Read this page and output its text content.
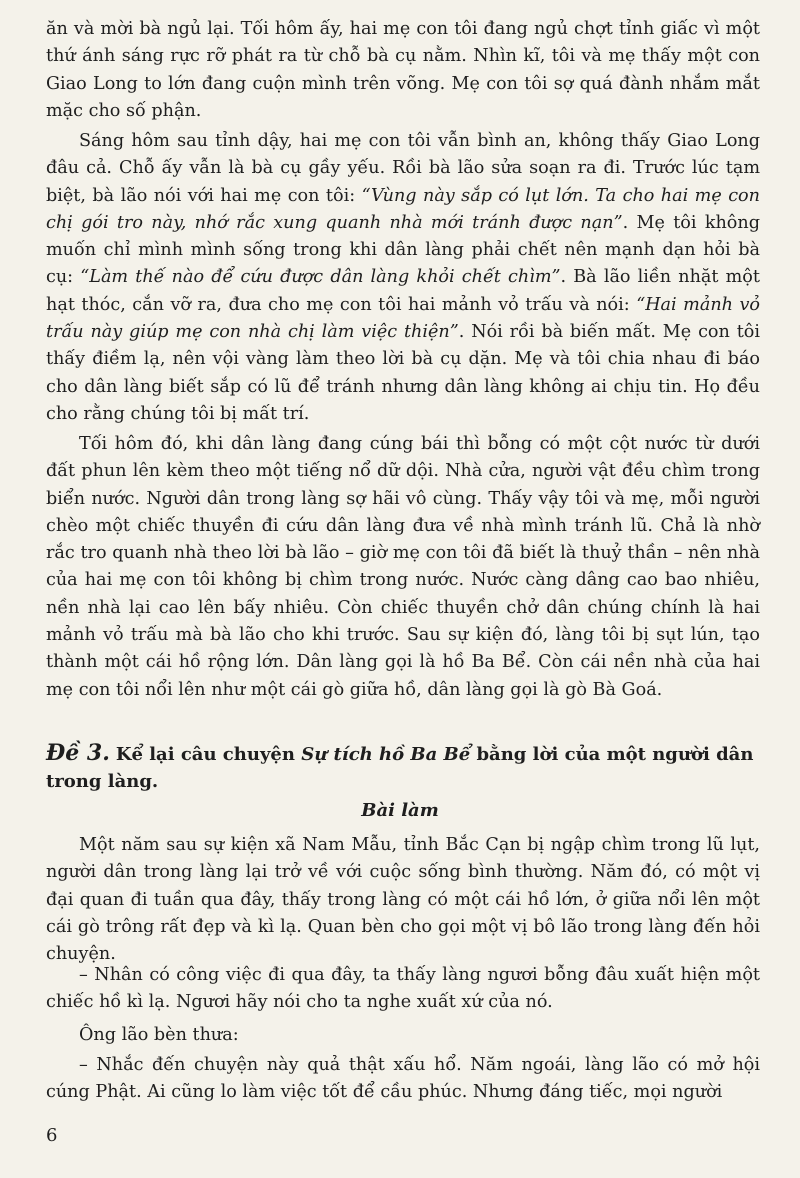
ăn và mời bà ngủ lại. Tối hôm ấy, hai mẹ con tôi đang ngủ chợt tỉnh giấc vì một thứ ánh sáng rực rỡ phát ra từ chỗ bà cụ nằm. Nhìn kĩ, tôi và mẹ thấy một con Giao Long to lớn đang cuộn mình trên võng. Mẹ con tôi sợ quá đành nhắm mắt mặc cho số phận.

Sáng hôm sau tỉnh dậy, hai mẹ con tôi vẫn bình an, không thấy Giao Long đâu cả. Chỗ ấy vẫn là bà cụ gầy yếu. Rồi bà lão sửa soạn ra đi. Trước lúc tạm biệt, bà lão nói với hai mẹ con tôi: “Vùng này sắp có lụt lớn. Ta cho hai mẹ con chị gói tro này, nhớ rắc xung quanh nhà mới tránh được nạn”. Mẹ tôi không muốn chỉ mình mình sống trong khi dân làng phải chết nên mạnh dạn hỏi bà cụ: “Làm thế nào để cứu được dân làng khỏi chết chìm”. Bà lão liền nhặt một hạt thóc, cắn vỡ ra, đưa cho mẹ con tôi hai mảnh vỏ trấu và nói: “Hai mảnh vỏ trấu này giúp mẹ con nhà chị làm việc thiện”. Nói rồi bà biến mất. Mẹ con tôi thấy điềm lạ, nên vội vàng làm theo lời bà cụ dặn. Mẹ và tôi chia nhau đi báo cho dân làng biết sắp có lũ để tránh nhưng dân làng không ai chịu tin. Họ đều cho rằng chúng tôi bị mất trí.

Tối hôm đó, khi dân làng đang cúng bái thì bỗng có một cột nước từ dưới đất phun lên kèm theo một tiếng nổ dữ dội. Nhà cửa, người vật đều chìm trong biển nước. Người dân trong làng sợ hãi vô cùng. Thấy vậy tôi và mẹ, mỗi người chèo một chiếc thuyền đi cứu dân làng đưa về nhà mình tránh lũ. Chả là nhờ rắc tro quanh nhà theo lời bà lão – giờ mẹ con tôi đã biết là thuỷ thần – nên nhà của hai mẹ con tôi không bị chìm trong nước. Nước càng dâng cao bao nhiêu, nền nhà lại cao lên bấy nhiêu. Còn chiếc thuyền chở dân chúng chính là hai mảnh vỏ trấu mà bà lão cho khi trước. Sau sự kiện đó, làng tôi bị sụt lún, tạo thành một cái hồ rộng lớn. Dân làng gọi là hồ Ba Bể. Còn cái nền nhà của hai mẹ con tôi nổi lên như một cái gò giữa hồ, dân làng gọi là gò Bà Goá.

Đề 3. Kể lại câu chuyện Sự tích hồ Ba Bể bằng lời của một người dân trong làng.

Bài làm

Một năm sau sự kiện xã Nam Mẫu, tỉnh Bắc Cạn bị ngập chìm trong lũ lụt, người dân trong làng lại trở về với cuộc sống bình thường. Năm đó, có một vị đại quan đi tuần qua đây, thấy trong làng có một cái hồ lớn, ở giữa nổi lên một cái gò trông rất đẹp và kì lạ. Quan bèn cho gọi một vị bô lão trong làng đến hỏi chuyện.

– Nhân có công việc đi qua đây, ta thấy làng ngươi bỗng đâu xuất hiện một chiếc hồ kì lạ. Ngươi hãy nói cho ta nghe xuất xứ của nó.

Ông lão bèn thưa:

– Nhắc đến chuyện này quả thật xấu hổ. Năm ngoái, làng lão có mở hội cúng Phật. Ai cũng lo làm việc tốt để cầu phúc. Nhưng đáng tiếc, mọi người

6
